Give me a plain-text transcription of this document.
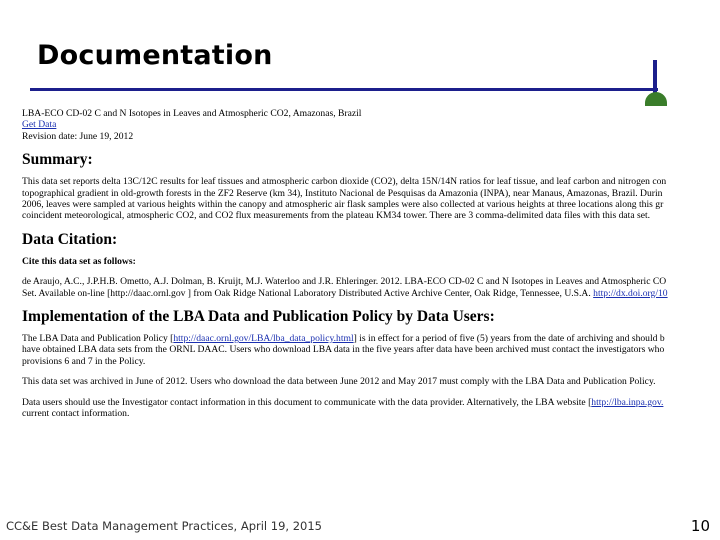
Documentation
LBA-ECO CD-02 C and N Isotopes in Leaves and Atmospheric CO2, Amazonas, Brazil
Get Data
Revision date: June 19, 2012
Summary:
This data set reports delta 13C/12C results for leaf tissues and atmospheric carbon dioxide (CO2), delta 15N/14N ratios for leaf tissue, and leaf carbon and nitrogen con
topographical gradient in old-growth forests in the ZF2 Reserve (km 34), Instituto Nacional de Pesquisas da Amazonia (INPA), near Manaus, Amazonas, Brazil. Durin
2006, leaves were sampled at various heights within the canopy and atmospheric air flask samples were also collected at various heights at three locations along this gr
coincident meteorological, atmospheric CO2, and CO2 flux measurements from the plateau KM34 tower. There are 3 comma-delimited data files with this data set.
Data Citation:
Cite this data set as follows:
de Araujo, A.C., J.P.H.B. Ometto, A.J. Dolman, B. Kruijt, M.J. Waterloo and J.R. Ehleringer. 2012. LBA-ECO CD-02 C and N Isotopes in Leaves and Atmospheric CO
Set. Available on-line [http://daac.ornl.gov ] from Oak Ridge National Laboratory Distributed Active Archive Center, Oak Ridge, Tennessee, U.S.A. http://dx.doi.org/10
Implementation of the LBA Data and Publication Policy by Data Users:
The LBA Data and Publication Policy [http://daac.ornl.gov/LBA/lba_data_policy.html] is in effect for a period of five (5) years from the date of archiving and should b
have obtained LBA data sets from the ORNL DAAC. Users who download LBA data in the five years after data have been archived must contact the investigators who
provisions 6 and 7 in the Policy.
This data set was archived in June of 2012. Users who download the data between June 2012 and May 2017 must comply with the LBA Data and Publication Policy.
Data users should use the Investigator contact information in this document to communicate with the data provider. Alternatively, the LBA website [http://lba.inpa.gov.
current contact information.
CC&E Best Data Management Practices, April 19, 2015	10
